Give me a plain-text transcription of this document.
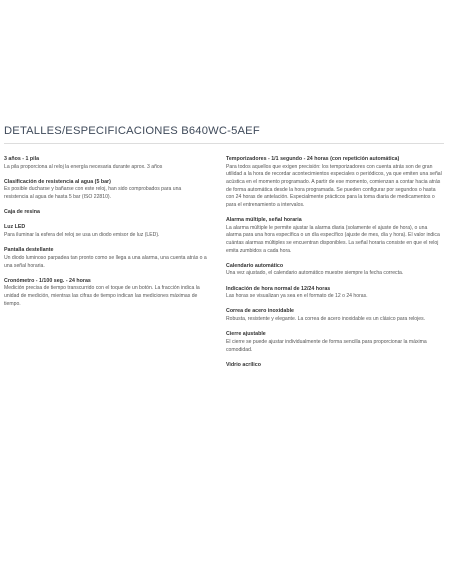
DETALLES/ESPECIFICACIONES B640WC-5AEF
3 años - 1 pila
La pila proporciona al reloj la energía necesaria durante aprox. 3 años
Clasificación de resistencia al agua (5 bar)
Es posible ducharse y bañarse con este reloj, han sido comprobados para una resistencia al agua de hasta 5 bar (ISO 22810).
Caja de resina
Luz LED
Para iluminar la esfera del reloj se usa un diodo emisor de luz (LED).
Pantalla destellante
Un diodo luminoso parpadea tan pronto como se llega a una alarma, una cuenta atrás o a una señal horaria.
Cronómetro - 1/100 seg. - 24 horas
Medición precisa de tiempo transcurrido con el toque de un botón. La fracción indica la unidad de medición, mientras las cifras de tiempo indican las mediciones máximas de tiempo.
Temporizadores - 1/1 segundo - 24 horas (con repetición automática)
Para todos aquellos que exigen precisión: los temporizadores con cuenta atrás son de gran utilidad a la hora de recordar acontecimientos especiales o periódicos, ya que emiten una señal acústica en el momento programado. A partir de ese momento, comienzan a contar hacia atrás de forma automática desde la hora programada. Se pueden configurar por segundos o hasta con 24 horas de antelación. Especialmente prácticos para la toma diaria de medicamentos o para el entrenamiento a intervalos.
Alarma múltiple, señal horaria
La alarma múltiple le permite ajustar la alarma diaria (solamente el ajuste de hora), o una alarma para una hora específica o un día específico (ajuste de mes, día y hora). El valor indica cuántas alarmas múltiples se encuentran disponibles. La señal horaria consiste en que el reloj emita zumbidos a cada hora.
Calendario automático
Una vez ajustado, el calendario automático muestre siempre la fecha correcta.
Indicación de hora normal de 12/24 horas
Las horas se visualizan ya sea en el formato de 12 o 24 horas.
Correa de acero inoxidable
Robusta, resistente y elegante. La correa de acero inoxidable es un clásico para relojes.
Cierre ajustable
El cierre se puede ajustar individualmente de forma sencilla para proporcionar la máxima comodidad.
Vidrio acrílico
